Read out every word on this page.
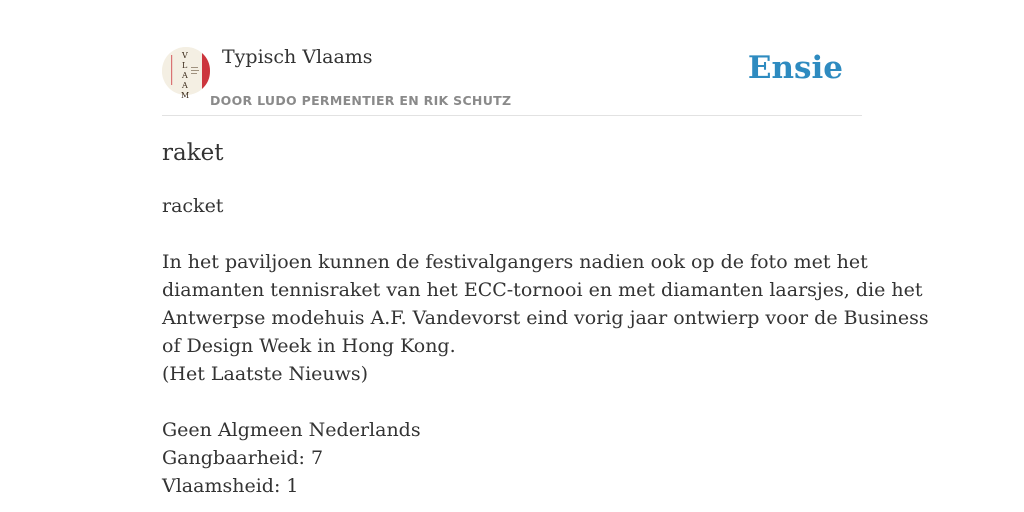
V
L
A
A
M
Typisch Vlaams
DOOR LUDO PERMENTIER EN RIK SCHUTZ
Ensie
raket
racket
In het paviljoen kunnen de festivalgangers nadien ook op de foto met het
diamanten tennisraket van het ECC-tornooi en met diamanten laarsjes, die het
Antwerpse modehuis A.F. Vandevorst eind vorig jaar ontwierp voor de Business
of Design Week in Hong Kong.
(Het Laatste Nieuws)
Geen Algmeen Nederlands
Gangbaarheid: 7
Vlaamsheid: 1
